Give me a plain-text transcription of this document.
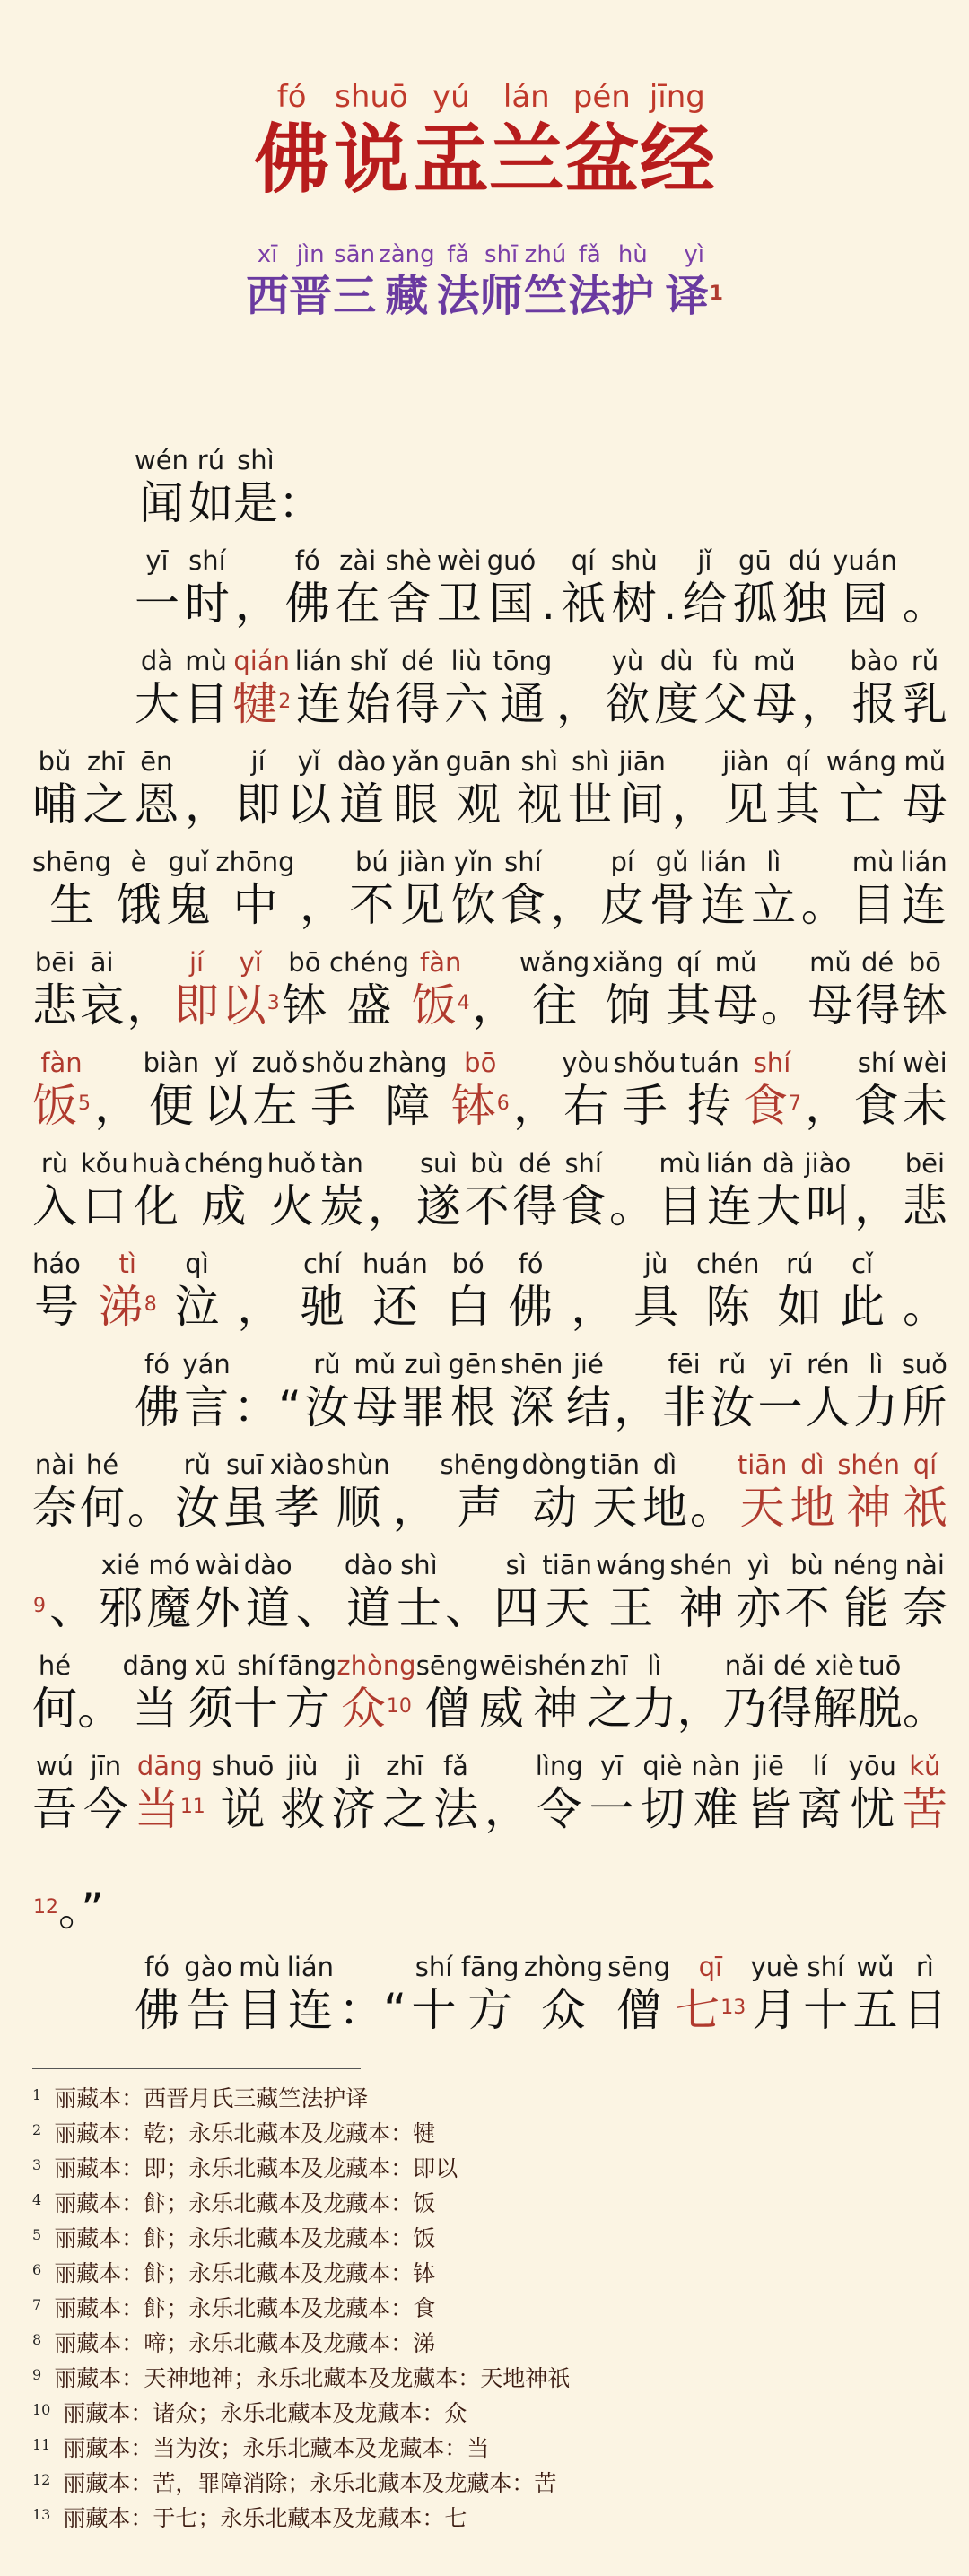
fó
佛
shuō
说
yú
盂
lán
兰
pén
盆
jīng
经
xī
西
jìn
晋
sān
三
zàng
藏
fǎ
法
shī
师
zhú
竺
fǎ
法
hù
护

yì
译$^1$
wén
闻
rú
如
shì
是
：
yī
一
shí
时
，
fó
佛
zài
在
shè
舍
wèi
卫
guó
国
.
qí
祇
shù
树
.
jǐ
给
gū
孤
dú
独
yuán
园
。
dà
大
mù
目
qián
犍$^2$
lián
连
shǐ
始
dé
得
liù
六
tōng
通
，
yù
欲
dù
度
fù
父
mǔ
母
，
bào
报
rǔ
乳
bǔ
哺
zhī
之
ēn
恩
，
jí
即
yǐ
以
dào
道
yǎn
眼
guān
观
shì
视
shì
世
jiān
间
，
jiàn
见
qí
其
wáng
亡
mǔ
母
shēng
生
è
饿
guǐ
鬼
zhōng
中
，
bú
不
jiàn
见
yǐn
饮
shí
食
，
pí
皮
gǔ
骨
lián
连
lì
立
。
mù
目
lián
连
bēi
悲
āi
哀
，
jí
即
yǐ
以$^3$
bō
钵
chéng
盛
fàn
饭$^4$
，
wǎng
往
xiǎng
饷
qí
其
mǔ
母
。
mǔ
母
dé
得
bō
钵
fàn
饭$^5$
，
biàn
便
yǐ
以
zuǒ
左
shǒu
手
zhàng
障
bō
钵$^6$
，
yòu
右
shǒu
手
tuán
抟
shí
食$^7$
，
shí
食
wèi
未
rù
入
kǒu
口
huà
化
chéng
成
huǒ
火
tàn
炭
，
suì
遂
bù
不
dé
得
shí
食
。
mù
目
lián
连
dà
大
jiào
叫
，
bēi
悲
háo
号
tì
涕$^8$
qì
泣
，
chí
驰
huán
还
bó
白
fó
佛
，
jù
具
chén
陈
rú
如
cǐ
此
。
fó
佛
yán
言
：“
rǔ
汝
mǔ
母
zuì
罪
gēn
根
shēn
深
jié
结
，
fēi
非
rǔ
汝
yī
一
rén
人
lì
力
suǒ
所
nài
奈
hé
何
。
rǔ
汝
suī
虽
xiào
孝
shùn
顺
，
shēng
声
dòng
动
tiān
天
dì
地
。
tiān
天
dì
地
shén
神
qí
祇

$^9$
、
xié
邪
mó
魔
wài
外
dào
道
、
dào
道
shì
士
、
sì
四
tiān
天
wáng
王
shén
神
yì
亦
bù
不
néng
能
nài
奈
hé
何
。
dāng
当
xū
须
shí
十
fāng
方
zhòng
众$^{10}$
sēng
僧
wēi
威
shén
神
zhī
之
lì
力
，
nǎi
乃
dé
得
xiè
解
tuō
脱
。
wú
吾
jīn
今
dāng
当$^{11}$
shuō
说
jiù
救
jì
济
zhī
之
fǎ
法
，
lìng
令
yī
一
qiè
切
nàn
难
jiē
皆
lí
离
yōu
忧
kǔ
苦

$^{12}$
。”
fó
佛
gào
告
mù
目
lián
连
：“
shí
十
fāng
方
zhòng
众
sēng
僧
qī
七$^{13}$
yuè
月
shí
十
wǔ
五
rì
日
$^1$ 丽藏本：西晋月氏三藏竺法护译
$^2$ 丽藏本：乾；永乐北藏本及龙藏本：犍
$^3$ 丽藏本：即；永乐北藏本及龙藏本：即以
$^4$ 丽藏本：飰；永乐北藏本及龙藏本：饭
$^5$ 丽藏本：飰；永乐北藏本及龙藏本：饭
$^6$ 丽藏本：飰；永乐北藏本及龙藏本：钵
$^7$ 丽藏本：飰；永乐北藏本及龙藏本：食
$^8$ 丽藏本：啼；永乐北藏本及龙藏本：涕
$^9$ 丽藏本：天神地神；永乐北藏本及龙藏本：天地神祇
$^{10}$ 丽藏本：诸众；永乐北藏本及龙藏本：众
$^{11}$ 丽藏本：当为汝；永乐北藏本及龙藏本：当
$^{12}$ 丽藏本：苦，罪障消除；永乐北藏本及龙藏本：苦
$^{13}$ 丽藏本：于七；永乐北藏本及龙藏本：七
